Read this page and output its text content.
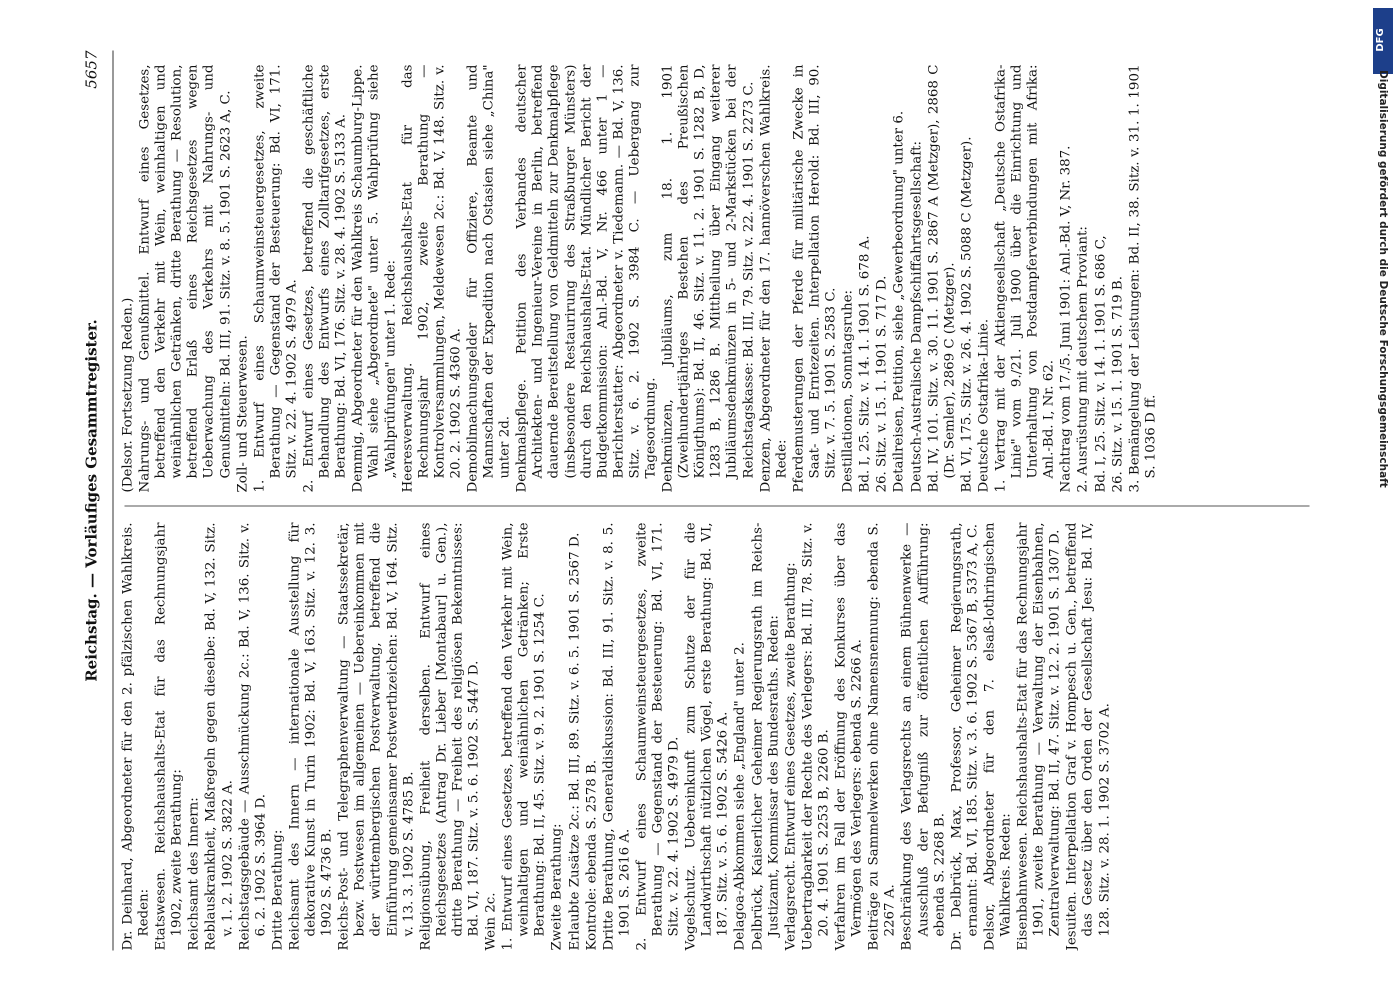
Reichstag. — Vorläufiges Gesammtregister.
5657
Dr. Deinhard, Abgeordneter für den 2. pfälzischen Wahlkreis. Reden: Etatswesen. Reichshaushalts-Etat für das Rechnungsjahr 1902, zweite Berathung: Reichsamt des Innern: Reblauskrankheit, Maßregeln gegen dieselbe: Bd. V, 132. Sitz. v. 1. 2. 1902 S. 3822 A. Reichstagsgebäude — Ausschmückung 2c.: Bd. V, 136. Sitz. v. 6. 2. 1902 S. 3964 D. Dritte Berathung: Reichsamt des Innern — internationale Ausstellung für dekorative Kunst in Turin 1902: Bd. V, 163. Sitz. v. 12. 3. 1902 S. 4736 B. Reichs-Post- und Telegraphenverwaltung — Staatssekretär, bezw. Postwesen im allgemeinen — Uebereinkommen mit der württembergischen Postverwaltung, betreffend die Einführung gemeinsamer Postwerthzeichen: Bd. V, 164. Sitz. v. 13. 3. 1902 S. 4785 B. Religionsübung, Freiheit derselben. Entwurf eines Reichsgesetzes (Antrag Dr. Lieber [Montabaur] u. Gen.), dritte Berathung — Freiheit des religiösen Bekenntnisses: Bd. VI, 187. Sitz. v. 5. 6. 1902 S. 5447 D. Wein 2c. 1. Entwurf eines Gesetzes, betreffend den Verkehr mit Wein, weinhaltigen und weinähnlichen Getränken; Erste Berathung: Bd. II, 45. Sitz. v. 9. 2. 1901 S. 1254 C. Zweite Berathung: Erlaubte Zusätze 2c.: Bd. III, 89. Sitz. v. 6. 5. 1901 S. 2567 D. Kontrole: ebenda S. 2578 B. Dritte Berathung, Generaldiskussion: Bd. III, 91. Sitz. v. 8. 5. 1901 S. 2616 A. 2. Entwurf eines Schaumweinsteuergesetzes, zweite Berathung — Gegenstand der Besteuerung: Bd. VI, 171. Sitz. v. 22. 4. 1902 S. 4979 D. Vogelschutz. Uebereinkunft zum Schutze der für die Landwirthschaft nützlichen Vögel, erste Berathung: Bd. VI, 187. Sitz. v. 5. 6. 1902 S. 5426 A. Delagoa-Abkommen siehe „England" unter 2. Delbrück, Kaiserlicher Geheimer Regierungsrath im Reichs-Justizamt, Kommissar des Bundesraths. Reden: Verlagsrecht. Entwurf eines Gesetzes, zweite Berathung: Uebertragbarkeit der Rechte des Verlegers: Bd. III, 78. Sitz. v. 20. 4. 1901 S. 2253 B, 2260 B. Verfahren im Fall der Eröffnung des Konkurses über das Vermögen des Verlegers: ebenda S. 2266 A. Beiträge zu Sammelwerken ohne Namensnennung: ebenda S. 2267 A. Beschränkung des Verlagsrechts an einem Bühnenwerke — Ausschluß der Befugniß zur öffentlichen Aufführung: ebenda S. 2268 B. Dr. Delbrück, Max, Professor, Geheimer Regierungsrath, ernannt: Bd. VI, 185. Sitz. v. 3. 6. 1902 S. 5367 B, 5373 A, C. Delsor, Abgeordneter für den 7. elsaß-lothringischen Wahlkreis. Reden: Eisenbahnwesen. Reichshaushalts-Etat für das Rechnungsjahr 1901, zweite Berathung — Verwaltung der Eisenbahnen, Zentralverwaltung: Bd. II, 47. Sitz. v. 12. 2. 1901 S. 1307 D. Jesuiten. Interpellation Graf v. Hompesch u. Gen., betreffend das Gesetz über den Orden der Gesellschaft Jesu: Bd. IV, 128. Sitz. v. 28. 1. 1902 S. 3702 A.
(Delsor. Fortsetzung Reden.) Nahrungs- und Genußmittel. Entwurf eines Gesetzes, betreffend den Verkehr mit Wein, weinhaltigen und weinähnlichen Getränken, dritte Berathung — Resolution, betreffend Erlaß eines Reichsgesetzes wegen Ueberwachung des Verkehrs mit Nahrungs- und Genußmitteln: Bd. III, 91. Sitz. v. 8. 5. 1901 S. 2623 A, C. Zoll- und Steuerwesen. 1. Entwurf eines Schaumweinsteuergesetzes, zweite Berathung — Gegenstand der Besteuerung: Bd. VI, 171. Sitz. v. 22. 4. 1902 S. 4979 A. 2. Entwurf eines Gesetzes, betreffend die geschäftliche Behandlung des Entwurfs eines Zolltarifgesetzes, erste Berathung: Bd. VI, 176. Sitz. v. 28. 4. 1902 S. 5133 A. Demmig, Abgeordneter für den Wahlkreis Schaumburg-Lippe. Wahl siehe „Abgeordnete" unter 5. Wahlprüfung siehe „Wahlprüfungen" unter 1. Rede: Heeresverwaltung. Reichshaushalts-Etat für das Rechnungsjahr 1902, zweite Berathung — Kontrolversammlungen, Meldewesen 2c.: Bd. V, 148. Sitz. v. 20. 2. 1902 S. 4360 A. Demobilmachungsgelder für Offiziere, Beamte und Mannschaften der Expedition nach Ostasien siehe „China" unter 2d. Denkmalspflege. Petition des Verbandes deutscher Architekten- und Ingenieur-Vereine in Berlin, betreffend dauernde Bereitstellung von Geldmitteln zur Denkmalpflege (insbesondere Restaurirung des Straßburger Münsters) durch den Reichshaushalts-Etat. Mündlicher Bericht der Budgetkommission: Anl.-Bd. V, Nr. 466 unter 1 — Berichterstatter: Abgeordneter v. Tiedemann. — Bd. V, 136. Sitz. v. 6. 2. 1902 S. 3984 C. — Uebergang zur Tagesordnung. Denkmünzen, Jubiläums, zum 18. 1. 1901 (Zweihundertjähriges Bestehen des Preußischen Königthums): Bd. II, 46. Sitz. v. 11. 2. 1901 S. 1282 B, D, 1283 B, 1286 B. Mittheilung über Eingang weiterer Jubiläumsdenkmünzen in 5- und 2-Markstücken bei der Reichstagskasse: Bd. III, 79. Sitz. v. 22. 4. 1901 S. 2273 C. Denzen, Abgeordneter für den 17. hannöverschen Wahlkreis. Rede: Pferdemusterungen der Pferde für militärische Zwecke in Saat- und Erntezeiten. Interpellation Herold: Bd. III, 90. Sitz. v. 7. 5. 1901 S. 2583 C. Destillationen, Sonntagsruhe: Bd. I, 25. Sitz. v. 14. 1. 1901 S. 678 A. 26. Sitz. v. 15. 1. 1901 S. 717 D. Detailreisen, Petition, siehe „Gewerbeordnung" unter 6. Deutsch-Australische Dampfschiffahrtsgesellschaft: Bd. IV, 101. Sitz. v. 30. 11. 1901 S. 2867 A (Metzger), 2868 C (Dr. Semler), 2869 C (Metzger). Bd. VI, 175. Sitz. v. 26. 4. 1902 S. 5088 C (Metzger). Deutsche Ostafrika-Linie. 1. Vertrag mit der Aktiengesellschaft „Deutsche Ostafrika-Linie" vom 9./21. Juli 1900 über die Einrichtung und Unterhaltung von Postdampferverbindungen mit Afrika: Anl.-Bd. I, Nr. 62. Nachtrag vom 17./5. Juni 1901: Anl.-Bd. V, Nr. 387. 2. Ausrüstung mit deutschem Proviant: Bd. I, 25. Sitz. v. 14. 1. 1901 S. 686 C, 26. Sitz. v. 15. 1. 1901 S. 719 B. 3. Bemängelung der Leistungen: Bd. II, 38. Sitz. v. 31. 1. 1901 S. 1036 D ff.
DFG
Digitalisierung gefördert durch die Deutsche Forschungsgemeinschaft
